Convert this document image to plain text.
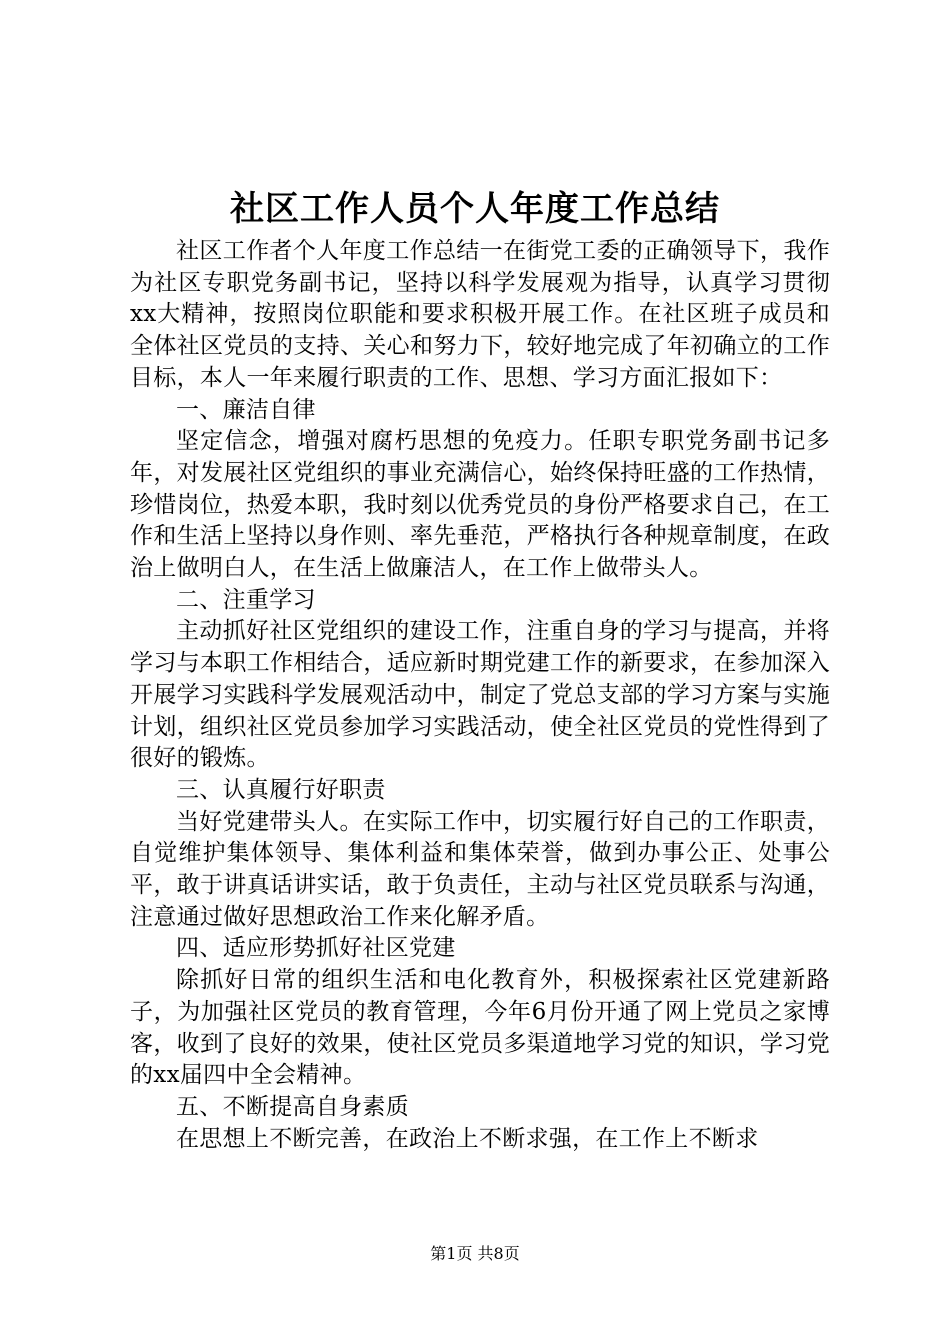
社区工作人员个人年度工作总结

社区工作者个人年度工作总结一在街党工委的正确领导下，我作为社区专职党务副书记，坚持以科学发展观为指导，认真学习贯彻xx大精神，按照岗位职能和要求积极开展工作。在社区班子成员和全体社区党员的支持、关心和努力下，较好地完成了年初确立的工作目标，本人一年来履行职责的工作、思想、学习方面汇报如下：

一、廉洁自律

坚定信念，增强对腐朽思想的免疫力。任职专职党务副书记多年，对发展社区党组织的事业充满信心，始终保持旺盛的工作热情，珍惜岗位，热爱本职，我时刻以优秀党员的身份严格要求自己，在工作和生活上坚持以身作则、率先垂范，严格执行各种规章制度，在政治上做明白人，在生活上做廉洁人，在工作上做带头人。

二、注重学习

主动抓好社区党组织的建设工作，注重自身的学习与提高，并将学习与本职工作相结合，适应新时期党建工作的新要求，在参加深入开展学习实践科学发展观活动中，制定了党总支部的学习方案与实施计划，组织社区党员参加学习实践活动，使全社区党员的党性得到了很好的锻炼。

三、认真履行好职责

当好党建带头人。在实际工作中，切实履行好自己的工作职责，自觉维护集体领导、集体利益和集体荣誉，做到办事公正、处事公平，敢于讲真话讲实话，敢于负责任，主动与社区党员联系与沟通，注意通过做好思想政治工作来化解矛盾。

四、适应形势抓好社区党建

除抓好日常的组织生活和电化教育外，积极探索社区党建新路子，为加强社区党员的教育管理，今年6月份开通了网上党员之家博客，收到了良好的效果，使社区党员多渠道地学习党的知识，学习党的xx届四中全会精神。

五、不断提高自身素质

在思想上不断完善，在政治上不断求强，在工作上不断求

第1页 共8页
